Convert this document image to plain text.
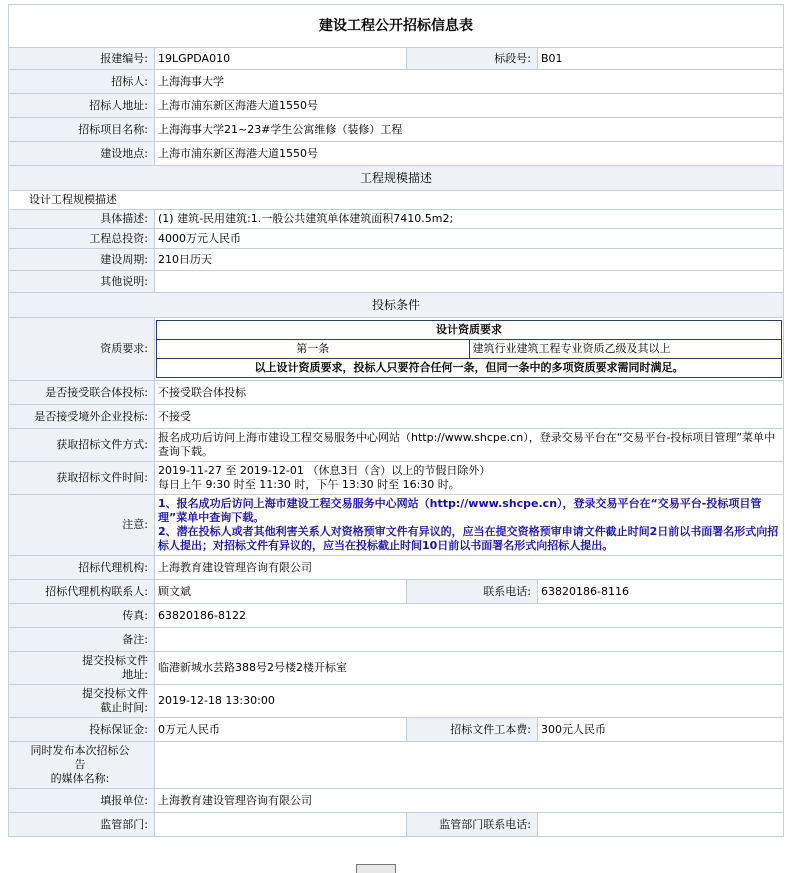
建设工程公开招标信息表
报建编号:	19LGPDA010	标段号:	B01
招标人:	上海海事大学
招标人地址:	上海市浦东新区海港大道1550号
招标项目名称:	上海海事大学21~23#学生公寓维修（装修）工程
建设地点:	上海市浦东新区海港大道1550号
工程规模描述
设计工程规模描述
具体描述:	(1) 建筑-民用建筑:1.一般公共建筑单体建筑面积7410.5m2;
工程总投资:	4000万元人民币
建设周期:	210日历天
其他说明:	
投标条件
资质要求:	
设计资质要求
第一条	建筑行业建筑工程专业资质乙级及其以上
以上设计资质要求，投标人只要符合任何一条，但同一条中的多项资质要求需同时满足。

是否接受联合体投标:	不接受联合体投标
是否接受境外企业投标:	不接受
获取招标文件方式:	报名成功后访问上海市建设工程交易服务中心网站（http://www.shcpe.cn），登录交易平台在“交易平台-投标项目管理”菜单中查询下载。
获取招标文件时间:	
2019-11-27 至 2019-12-01 （休息3日（含）以上的节假日除外）
每日上午 9:30 时至 11:30 时，下午 13:30 时至 16:30 时。

注意:	
1、报名成功后访问上海市建设工程交易服务中心网站（http://www.shcpe.cn），登录交易平台在“交易平台-投标项目管理”菜单中查询下载。
2、潜在投标人或者其他利害关系人对资格预审文件有异议的，应当在提交资格预审申请文件截止时间2日前以书面署名形式向招标人提出；对招标文件有异议的，应当在投标截止时间10日前以书面署名形式向招标人提出。

招标代理机构:	上海教育建设管理咨询有限公司
招标代理机构联系人:	顾文斌	联系电话:	63820186-8116
传真:	63820186-8122
备注:	

提交投标文件
地址:
	临港新城水芸路388号2号楼2楼开标室

提交投标文件
截止时间:
	2019-12-18 13:30:00
投标保证金:	0万元人民币	招标文件工本费:	300元人民币

同时发布本次招标公
告
的媒体名称:

填报单位:	上海教育建设管理咨询有限公司
监管部门:		监管部门联系电话:	
